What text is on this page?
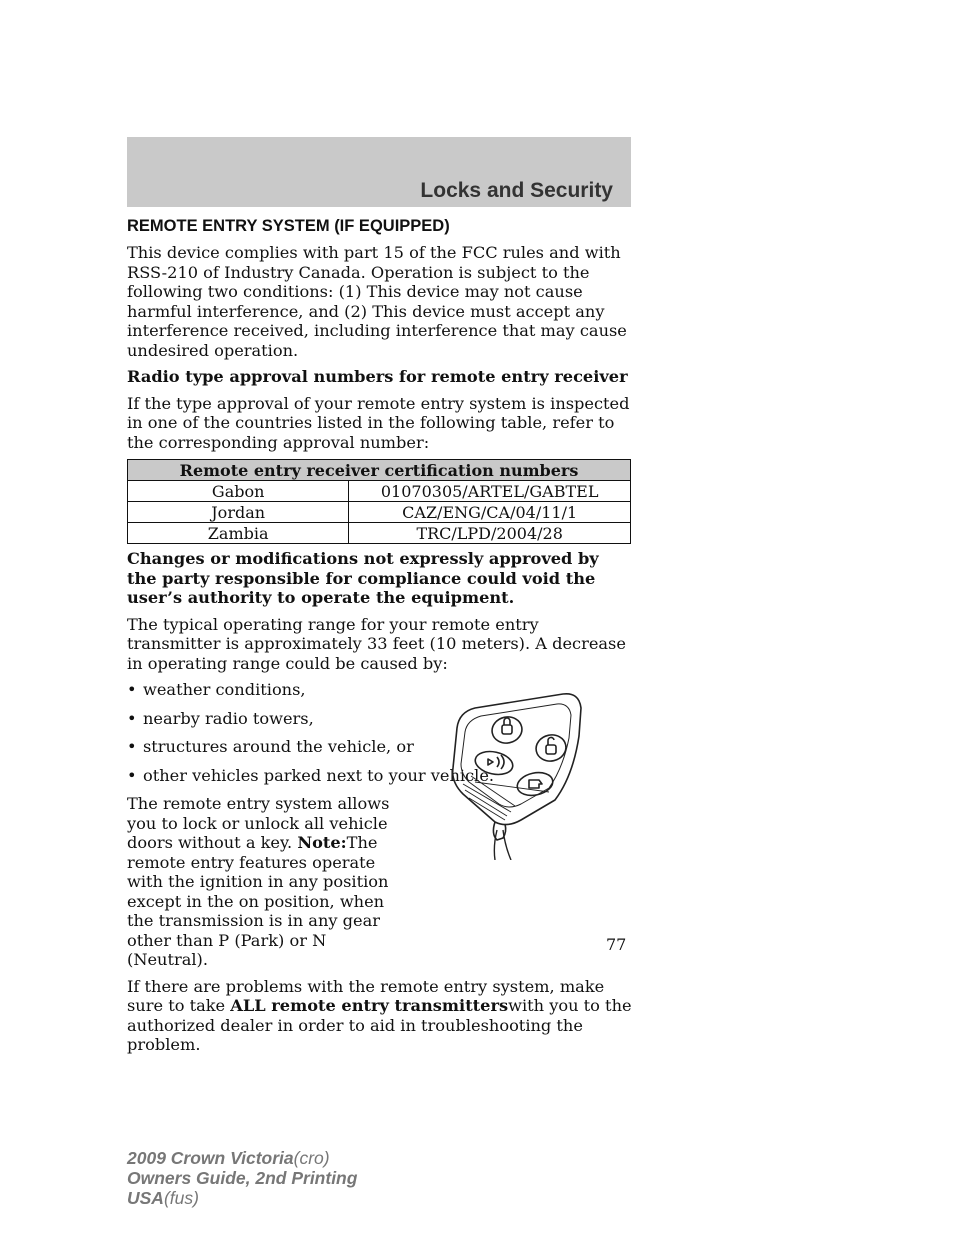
Locks and Security
REMOTE ENTRY SYSTEM (IF EQUIPPED)

This device complies with part 15 of the FCC rules and with RSS-210 of Industry Canada. Operation is subject to the following two conditions: (1) This device may not cause harmful interference, and (2) This device must accept any interference received, including interference that may cause undesired operation.

Radio type approval numbers for remote entry receiver

If the type approval of your remote entry system is inspected in one of the countries listed in the following table, refer to the corresponding approval number:

Remote entry receiver certification numbers	
Gabon	01070305/ARTEL/GABTEL
Jordan	CAZ/ENG/CA/04/11/1
Zambia	TRC/LPD/2004/28

Changes or modifications not expressly approved by the party responsible for compliance could void the user’s authority to operate the equipment.

The typical operating range for your remote entry transmitter is approximately 33 feet (10 meters). A decrease in operating range could be caused by:

• weather conditions,
• nearby radio towers,
• structures around the vehicle, or
• other vehicles parked next to your vehicle.

The remote entry system allows you to lock or unlock all vehicle doors without a key. Note:The remote entry features operate with the ignition in any position except in the on position, when the transmission is in any gear other than P (Park) or N (Neutral).

If there are problems with the remote entry system, make sure to take ALL remote entry transmitterswith you to the authorized dealer in order to aid in troubleshooting the problem.

77
2009 Crown Victoria(cro)
Owners Guide, 2nd Printing
USA(fus)
